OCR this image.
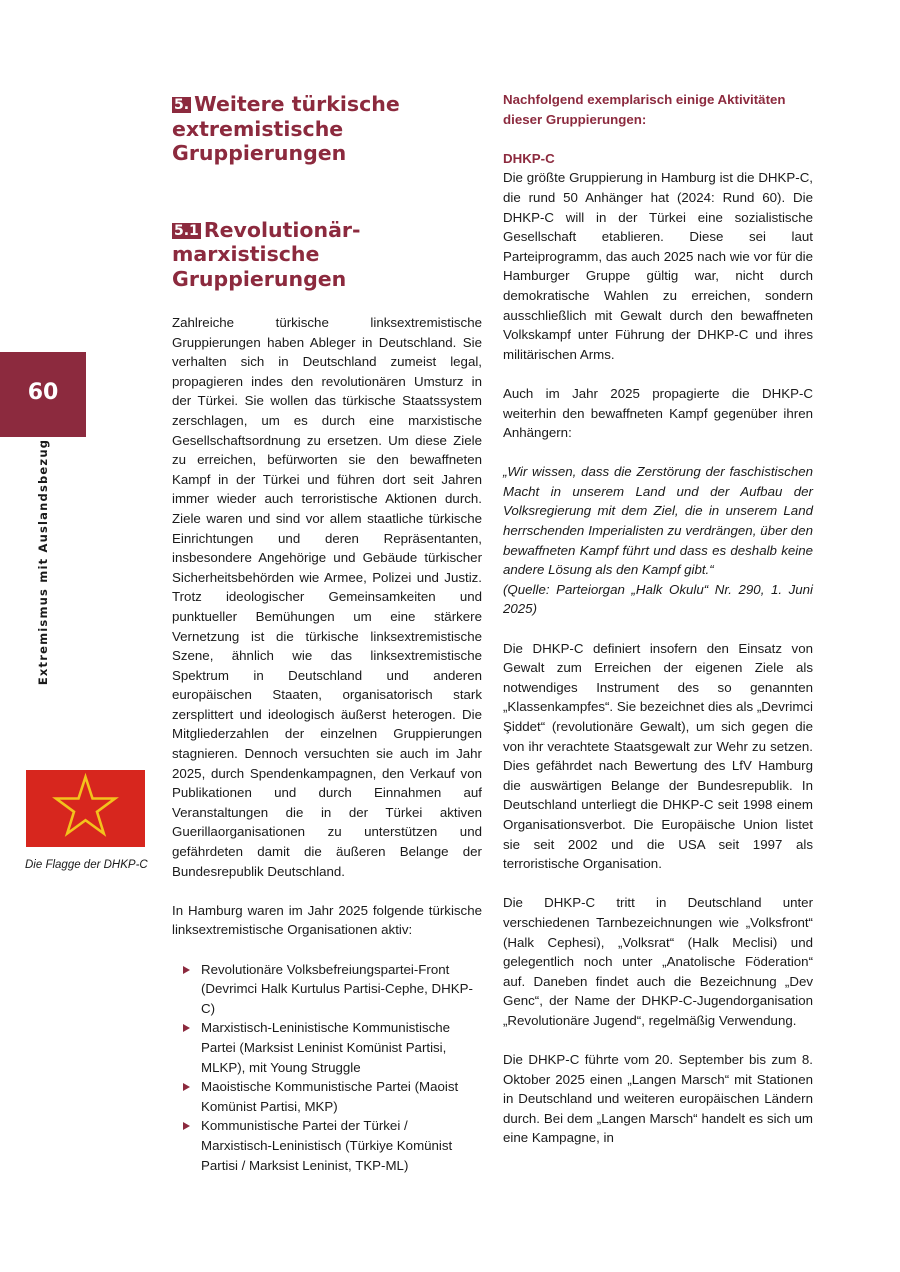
60
Extremismus mit Auslandsbezug
Die Flagge der DHKP-C
5. Weitere türkische extremistische Gruppierungen
5.1 Revolutionär-marxistische Gruppierungen

Zahlreiche türkische linksextremistische Gruppierungen haben Ableger in Deutschland. Sie verhalten sich in Deutschland zumeist legal, propagieren indes den revolutionären Umsturz in der Türkei. Sie wollen das türkische Staatssystem zerschlagen, um es durch eine marxistische Gesellschaftsordnung zu ersetzen. Um diese Ziele zu erreichen, befürworten sie den bewaffneten Kampf in der Türkei und führen dort seit Jahren immer wieder auch terroristische Aktionen durch. Ziele waren und sind vor allem staatliche türkische Einrichtungen und deren Repräsentanten, insbesondere Angehörige und Gebäude türkischer Sicherheitsbehörden wie Armee, Polizei und Justiz. Trotz ideologischer Gemeinsamkeiten und punktueller Bemühungen um eine stärkere Vernetzung ist die türkische linksextremistische Szene, ähnlich wie das linksextremistische Spektrum in Deutschland und anderen europäischen Staaten, organisatorisch stark zersplittert und ideologisch äußerst heterogen. Die Mitgliederzahlen der einzelnen Gruppierungen stagnieren. Dennoch versuchten sie auch im Jahr 2025, durch Spendenkampagnen, den Verkauf von Publikationen und durch Einnahmen auf Veranstaltungen die in der Türkei aktiven Guerillaorganisationen zu unterstützen und gefährdeten damit die äußeren Belange der Bundesrepublik Deutschland.

In Hamburg waren im Jahr 2025 folgende türkische linksextremistische Organisationen aktiv:

Revolutionäre Volksbefreiungspartei-Front (Devrimci Halk Kurtulus Partisi-Cephe, DHKP-C)
Marxistisch-Leninistische Kommunistische Partei (Marksist Leninist Komünist Partisi, MLKP), mit Young Struggle
Maoistische Kommunistische Partei (Maoist Komünist Partisi, MKP)
Kommunistische Partei der Türkei / Marxistisch-Leninistisch (Türkiye Komünist Partisi / Marksist Leninist, TKP-ML)

Nachfolgend exemplarisch einige Aktivitäten dieser Gruppierungen:

DHKP-C

Die größte Gruppierung in Hamburg ist die DHKP-C, die rund 50 Anhänger hat (2024: Rund 60). Die DHKP-C will in der Türkei eine sozialistische Gesellschaft etablieren. Diese sei laut Parteiprogramm, das auch 2025 nach wie vor für die Hamburger Gruppe gültig war, nicht durch demokratische Wahlen zu erreichen, sondern ausschließlich mit Gewalt durch den bewaffneten Volkskampf unter Führung der DHKP-C und ihres militärischen Arms.

Auch im Jahr 2025 propagierte die DHKP-C weiterhin den bewaffneten Kampf gegenüber ihren Anhängern:

„Wir wissen, dass die Zerstörung der faschistischen Macht in unserem Land und der Aufbau der Volksregierung mit dem Ziel, die in unserem Land herrschenden Imperialisten zu verdrängen, über den bewaffneten Kampf führt und dass es deshalb keine andere Lösung als den Kampf gibt.“

(Quelle: Parteiorgan „Halk Okulu“ Nr. 290, 1. Juni 2025)

Die DHKP-C definiert insofern den Einsatz von Gewalt zum Erreichen der eigenen Ziele als notwendiges Instrument des so genannten „Klassenkampfes“. Sie bezeichnet dies als „Devrimci Şiddet“ (revolutionäre Gewalt), um sich gegen die von ihr verachtete Staatsgewalt zur Wehr zu setzen. Dies gefährdet nach Bewertung des LfV Hamburg die auswärtigen Belange der Bundesrepublik. In Deutschland unterliegt die DHKP-C seit 1998 einem Organisationsverbot. Die Europäische Union listet sie seit 2002 und die USA seit 1997 als terroristische Organisation.

Die DHKP-C tritt in Deutschland unter verschiedenen Tarnbezeichnungen wie „Volksfront“ (Halk Cephesi), „Volksrat“ (Halk Meclisi) und gelegentlich noch unter „Anatolische Föderation“ auf. Daneben findet auch die Bezeichnung „Dev Genc“, der Name der DHKP-C-Jugendorganisation „Revolutionäre Jugend“, regelmäßig Verwendung.

Die DHKP-C führte vom 20. September bis zum 8. Oktober 2025 einen „Langen Marsch“ mit Stationen in Deutschland und weiteren europäischen Ländern durch. Bei dem „Langen Marsch“ handelt es sich um eine Kampagne, in
